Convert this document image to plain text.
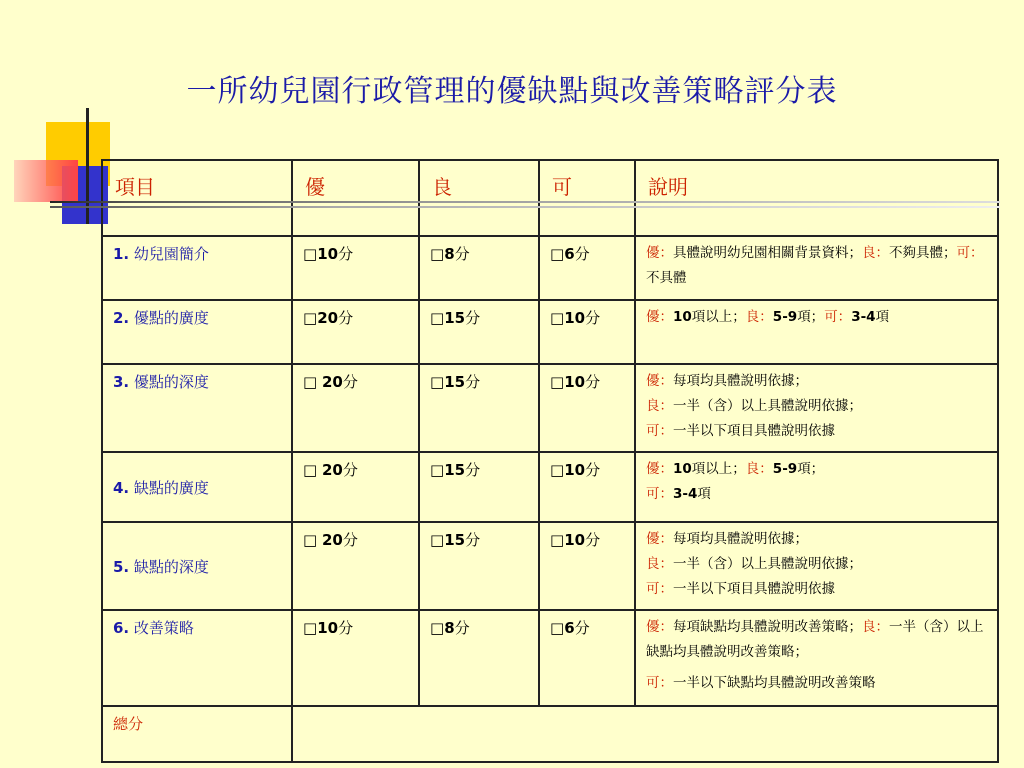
一所幼兒園行政管理的優缺點與改善策略評分表
項目	優	良	可	說明
1. 幼兒園簡介	□10分	□8分	□6分	優：具體說明幼兒園相關背景資料；良：不夠具體；可：不具體
2. 優點的廣度	□20分	□15分	□10分	優：10項以上；良：5-9項；可：3-4項
3. 優點的深度	□ 20分	□15分	□10分	優：每項均具體說明依據；
良：一半（含）以上具體說明依據；
可：一半以下項目具體說明依據

4. 缺點的廣度	□ 20分	□15分	□10分	優：10項以上；良：5-9項；
可：3-4項

5. 缺點的深度	□ 20分	□15分	□10分	優：每項均具體說明依據；
良：一半（含）以上具體說明依據；
可：一半以下項目具體說明依據

6. 改善策略	□10分	□8分	□6分	優：每項缺點均具體說明改善策略；良：一半（含）以上缺點均具體說明改善策略；
可：一半以下缺點均具體說明改善策略

總分				
